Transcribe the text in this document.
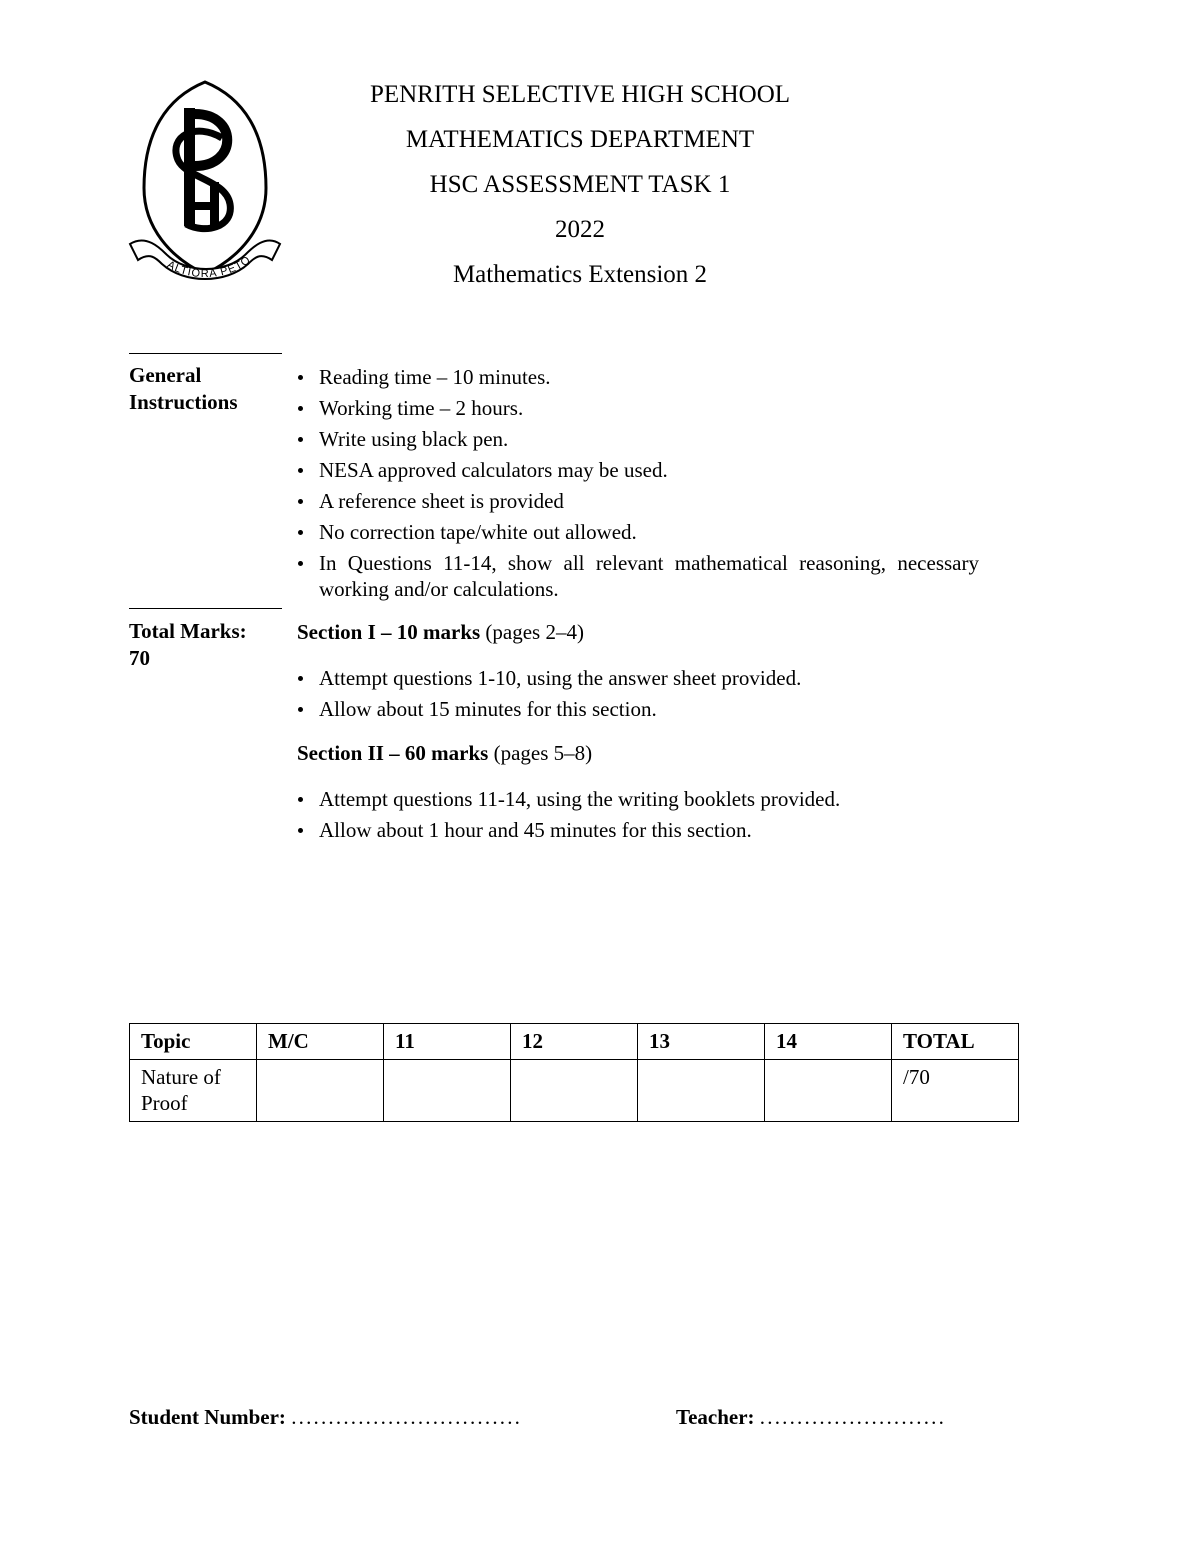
ALTIORA PETO
PENRITH SELECTIVE HIGH SCHOOL
MATHEMATICS DEPARTMENT
HSC ASSESSMENT TASK 1
2022
Mathematics Extension 2
General
Instructions
Reading time – 10 minutes.
Working time – 2 hours.
Write using black pen.
NESA approved calculators may be used.
A reference sheet is provided
No correction tape/white out allowed.
In Questions 11-14, show all relevant mathematical reasoning, necessary working and/or calculations.
Total Marks:
70
Section I – 10 marks (pages 2–4)
Attempt questions 1-10, using the answer sheet provided.
Allow about 15 minutes for this section.
Section II – 60 marks (pages 5–8)
Attempt questions 11-14, using the writing booklets provided.
Allow about 1 hour and 45 minutes for this section.
Topic	M/C	11	12	13	14	TOTAL
Nature of Proof						/70
Student Number: ...............................	Teacher: .........................
